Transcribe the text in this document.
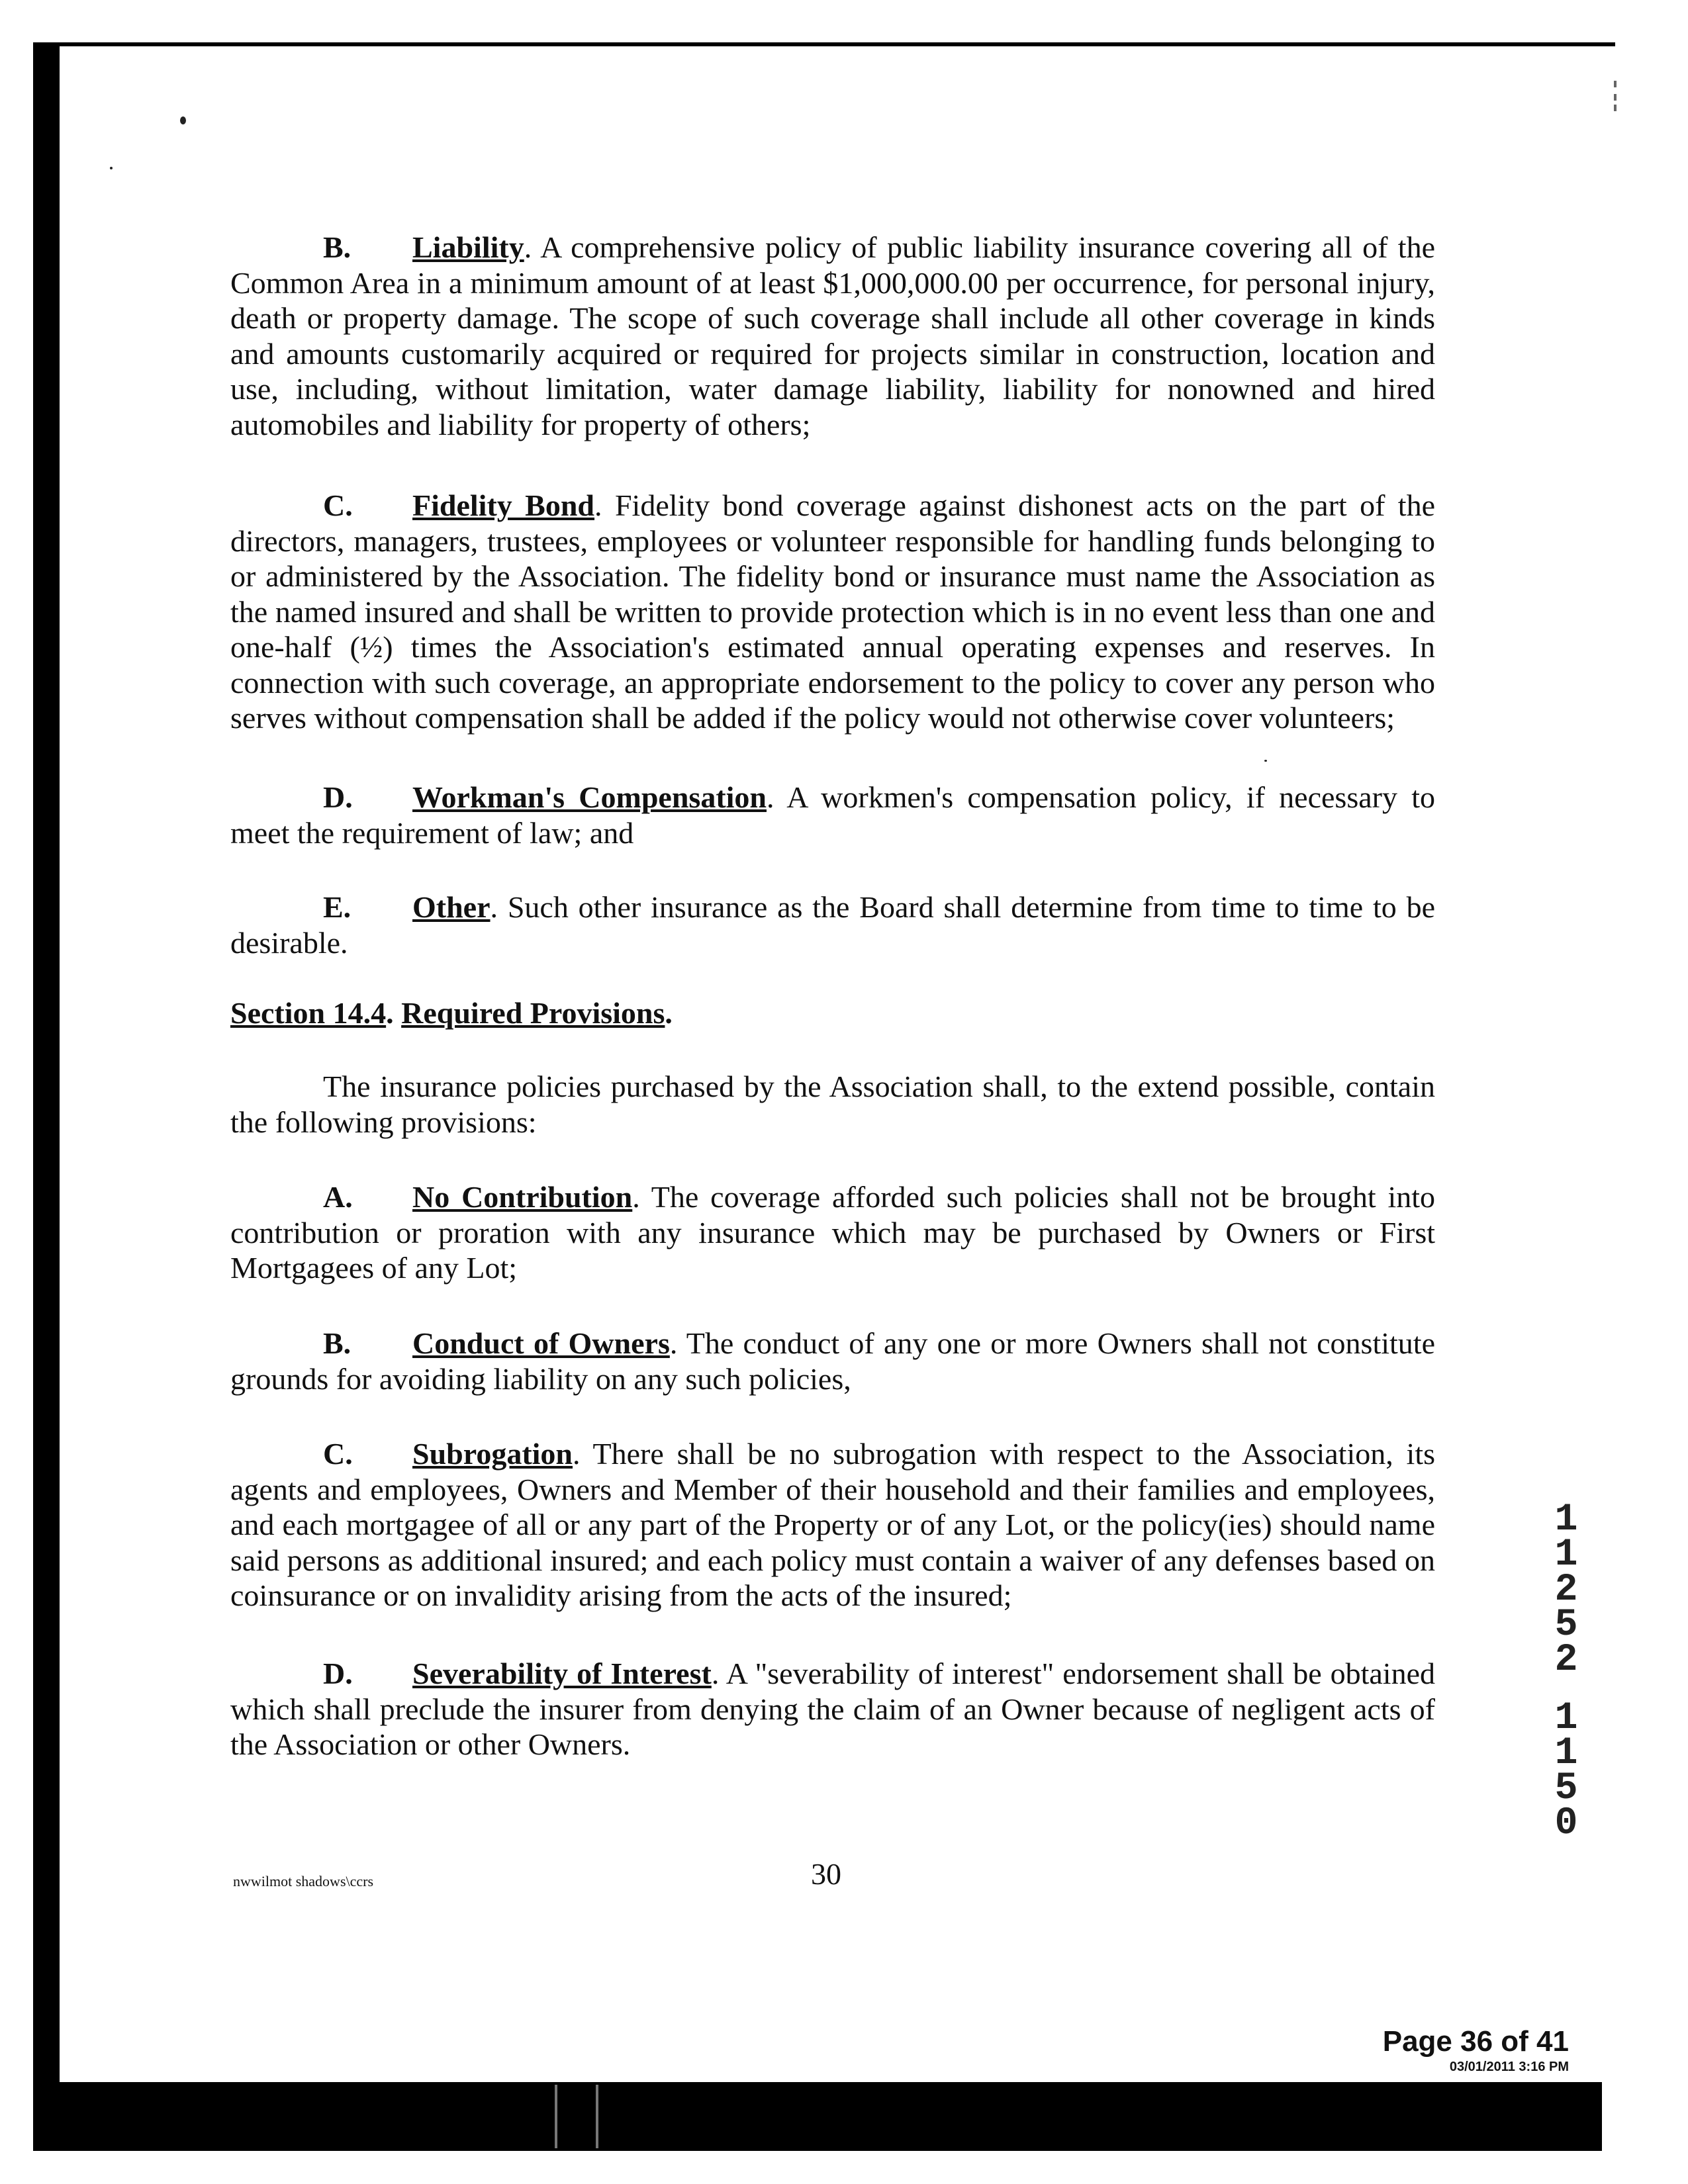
B. Liability. A comprehensive policy of public liability insurance covering all of the Common Area in a minimum amount of at least $1,000,000.00 per occurrence, for personal injury, death or property damage. The scope of such coverage shall include all other coverage in kinds and amounts customarily acquired or required for projects similar in construction, location and use, including, without limitation, water damage liability, liability for nonowned and hired automobiles and liability for property of others;
C. Fidelity Bond. Fidelity bond coverage against dishonest acts on the part of the directors, managers, trustees, employees or volunteer responsible for handling funds belonging to or administered by the Association. The fidelity bond or insurance must name the Association as the named insured and shall be written to provide protection which is in no event less than one and one-half (½) times the Association's estimated annual operating expenses and reserves. In connection with such coverage, an appropriate endorsement to the policy to cover any person who serves without compensation shall be added if the policy would not otherwise cover volunteers;
D. Workman's Compensation. A workmen's compensation policy, if necessary to meet the requirement of law; and
E. Other. Such other insurance as the Board shall determine from time to time to be desirable.
Section 14.4. Required Provisions.
The insurance policies purchased by the Association shall, to the extend possible, contain the following provisions:
A. No Contribution. The coverage afforded such policies shall not be brought into contribution or proration with any insurance which may be purchased by Owners or First Mortgagees of any Lot;
B. Conduct of Owners. The conduct of any one or more Owners shall not constitute grounds for avoiding liability on any such policies,
C. Subrogation. There shall be no subrogation with respect to the Association, its agents and employees, Owners and Member of their household and their families and employees, and each mortgagee of all or any part of the Property or of any Lot, or the policy(ies) should name said persons as additional insured; and each policy must contain a waiver of any defenses based on coinsurance or on invalidity arising from the acts of the insured;
D. Severability of Interest. A "severability of interest" endorsement shall be obtained which shall preclude the insurer from denying the claim of an Owner because of negligent acts of the Association or other Owners.
11252
1150
nwwilmot shadows\ccrs	30
Page 36 of 41
03/01/2011 3:16 PM
